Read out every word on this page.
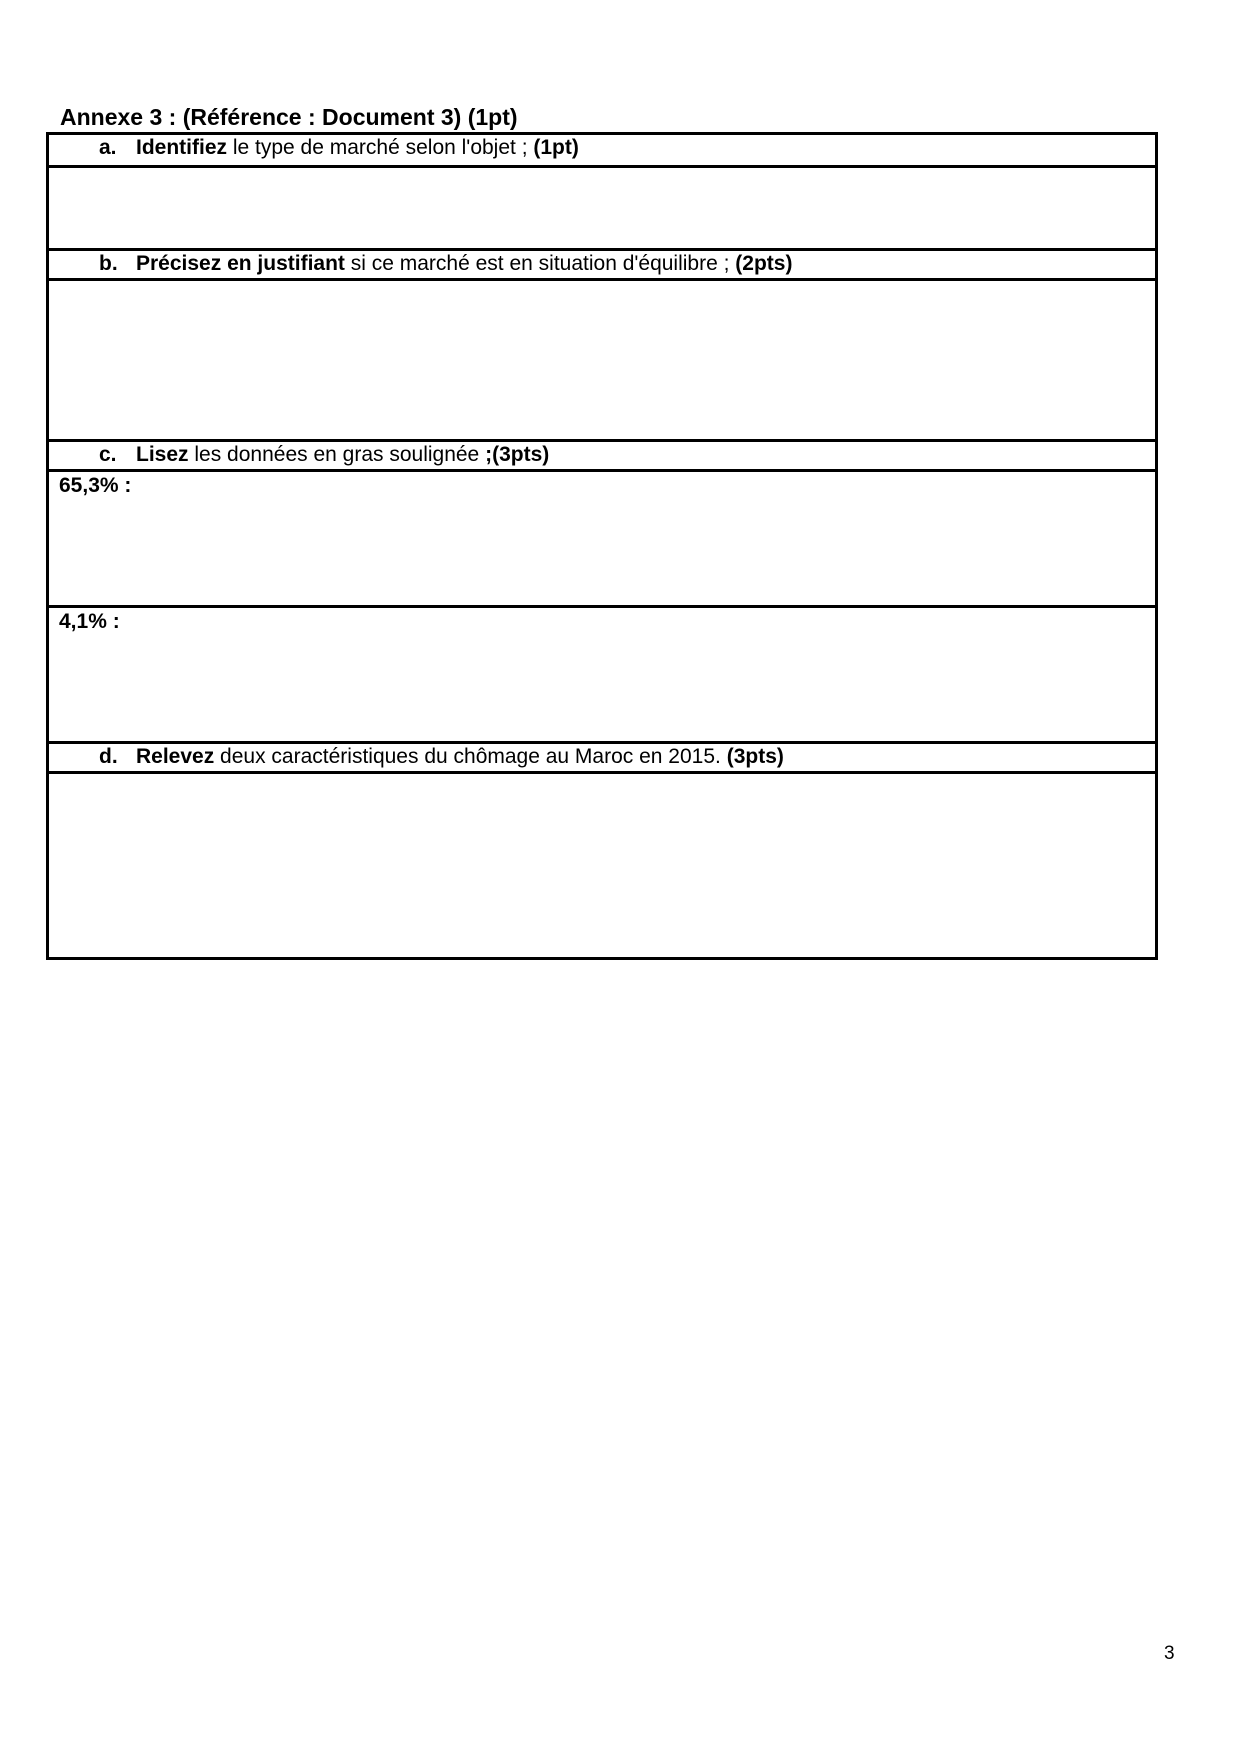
Annexe 3 : (Référence : Document 3) (1pt)
a. Identifiez le type de marché selon l'objet ; (1pt)
b. Précisez en justifiant si ce marché est en situation d'équilibre ; (2pts)
c. Lisez les données en gras soulignée ;(3pts)
65,3% :
4,1% :
d. Relevez deux caractéristiques du chômage au Maroc en 2015. (3pts)
3
